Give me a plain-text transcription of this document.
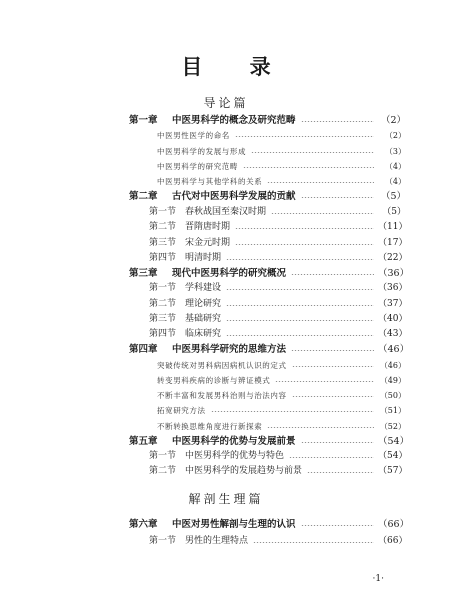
目 录
导论篇
第一章	中医男科学的概念及研究范畴	（2）
中医男性医学的命名	（2）
中医男科学的发展与形成	（3）
中医男科学的研究范畴	（4）
中医男科学与其他学科的关系	（4）
第二章	古代对中医男科学发展的贡献	（5）
第一节 春秋战国至秦汉时期	（5）
第二节 晋隋唐时期	（11）
第三节 宋金元时期	（17）
第四节 明清时期	（22）
第三章	现代中医男科学的研究概况	（36）
第一节 学科建设	（36）
第二节 理论研究	（37）
第三节 基础研究	（40）
第四节 临床研究	（43）
第四章	中医男科学研究的思维方法	（46）
突破传统对男科病因病机认识的定式	（46）
转变男科疾病的诊断与辨证模式	（49）
不断丰富和发展男科治则与治法内容	（50）
拓宽研究方法	（51）
不断转换思维角度进行新探索	（52）
第五章	中医男科学的优势与发展前景	（54）
第一节 中医男科学的优势与特色	（54）
第二节 中医男科学的发展趋势与前景	（57）
解剖生理篇
第六章	中医对男性解剖与生理的认识	（66）
第一节 男性的生理特点	（66）
·1·
